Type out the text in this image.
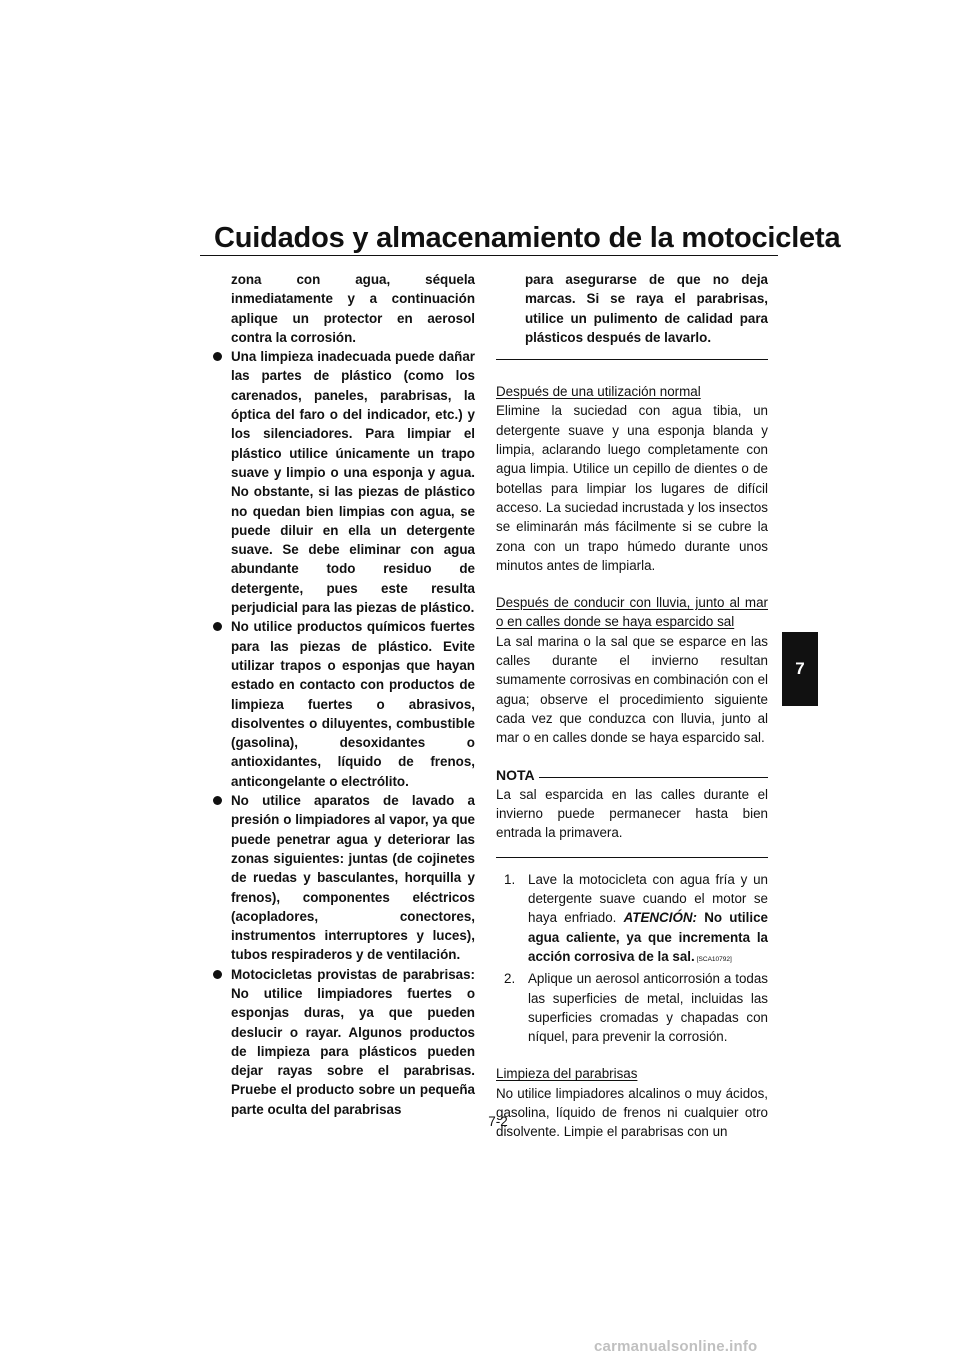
Cuidados y almacenamiento de la motocicleta
7

zona con agua, séquela inmediatamente y a continuación aplique un protector en aerosol contra la corrosión.

Una limpieza inadecuada puede dañar las partes de plástico (como los carenados, paneles, parabrisas, la óptica del faro o del indicador, etc.) y los silenciadores. Para limpiar el plástico utilice únicamente un trapo suave y limpio o una esponja y agua. No obstante, si las piezas de plástico no quedan bien limpias con agua, se puede diluir en ella un detergente suave. Se debe eliminar con agua abundante todo residuo de detergente, pues este resulta perjudicial para las piezas de plástico.
No utilice productos químicos fuertes para las piezas de plástico. Evite utilizar trapos o esponjas que hayan estado en contacto con productos de limpieza fuertes o abrasivos, disolventes o diluyentes, combustible (gasolina), desoxidantes o antioxidantes, líquido de frenos, anticongelante o electrólito.
No utilice aparatos de lavado a presión o limpiadores al vapor, ya que puede penetrar agua y deteriorar las zonas siguientes: juntas (de cojinetes de ruedas y basculantes, horquilla y frenos), componentes eléctricos (acopladores, conectores, instrumentos interruptores y luces), tubos respiraderos y de ventilación.
Motocicletas provistas de parabrisas: No utilice limpiadores fuertes o esponjas duras, ya que pueden deslucir o rayar. Algunos productos de limpieza para plásticos pueden dejar rayas sobre el parabrisas. Pruebe el producto sobre un pequeña parte oculta del parabrisas

para asegurarse de que no deja marcas. Si se raya el parabrisas, utilice un pulimento de calidad para plásticos después de lavarlo.

Después de una utilización normal

Elimine la suciedad con agua tibia, un detergente suave y una esponja blanda y limpia, aclarando luego completamente con agua limpia. Utilice un cepillo de dientes o de botellas para limpiar los lugares de difícil acceso. La suciedad incrustada y los insectos se eliminarán más fácilmente si se cubre la zona con un trapo húmedo durante unos minutos antes de limpiarla.

Después de conducir con lluvia, junto al mar o en calles donde se haya esparcido sal

La sal marina o la sal que se esparce en las calles durante el invierno resultan sumamente corrosivas en combinación con el agua; observe el procedimiento siguiente cada vez que conduzca con lluvia, junto al mar o en calles donde se haya esparcido sal.

NOTA

La sal esparcida en las calles durante el invierno puede permanecer hasta bien entrada la primavera.

1. Lave la motocicleta con agua fría y un detergente suave cuando el motor se haya enfriado. ATENCIÓN: No utilice agua caliente, ya que incrementa la acción corrosiva de la sal. [SCA10792]
2. Aplique un aerosol anticorrosión a todas las superficies de metal, incluidas las superficies cromadas y chapadas con níquel, para prevenir la corrosión.

Limpieza del parabrisas

No utilice limpiadores alcalinos o muy ácidos, gasolina, líquido de frenos ni cualquier otro disolvente. Limpie el parabrisas con un

7-2
carmanualsonline.info
